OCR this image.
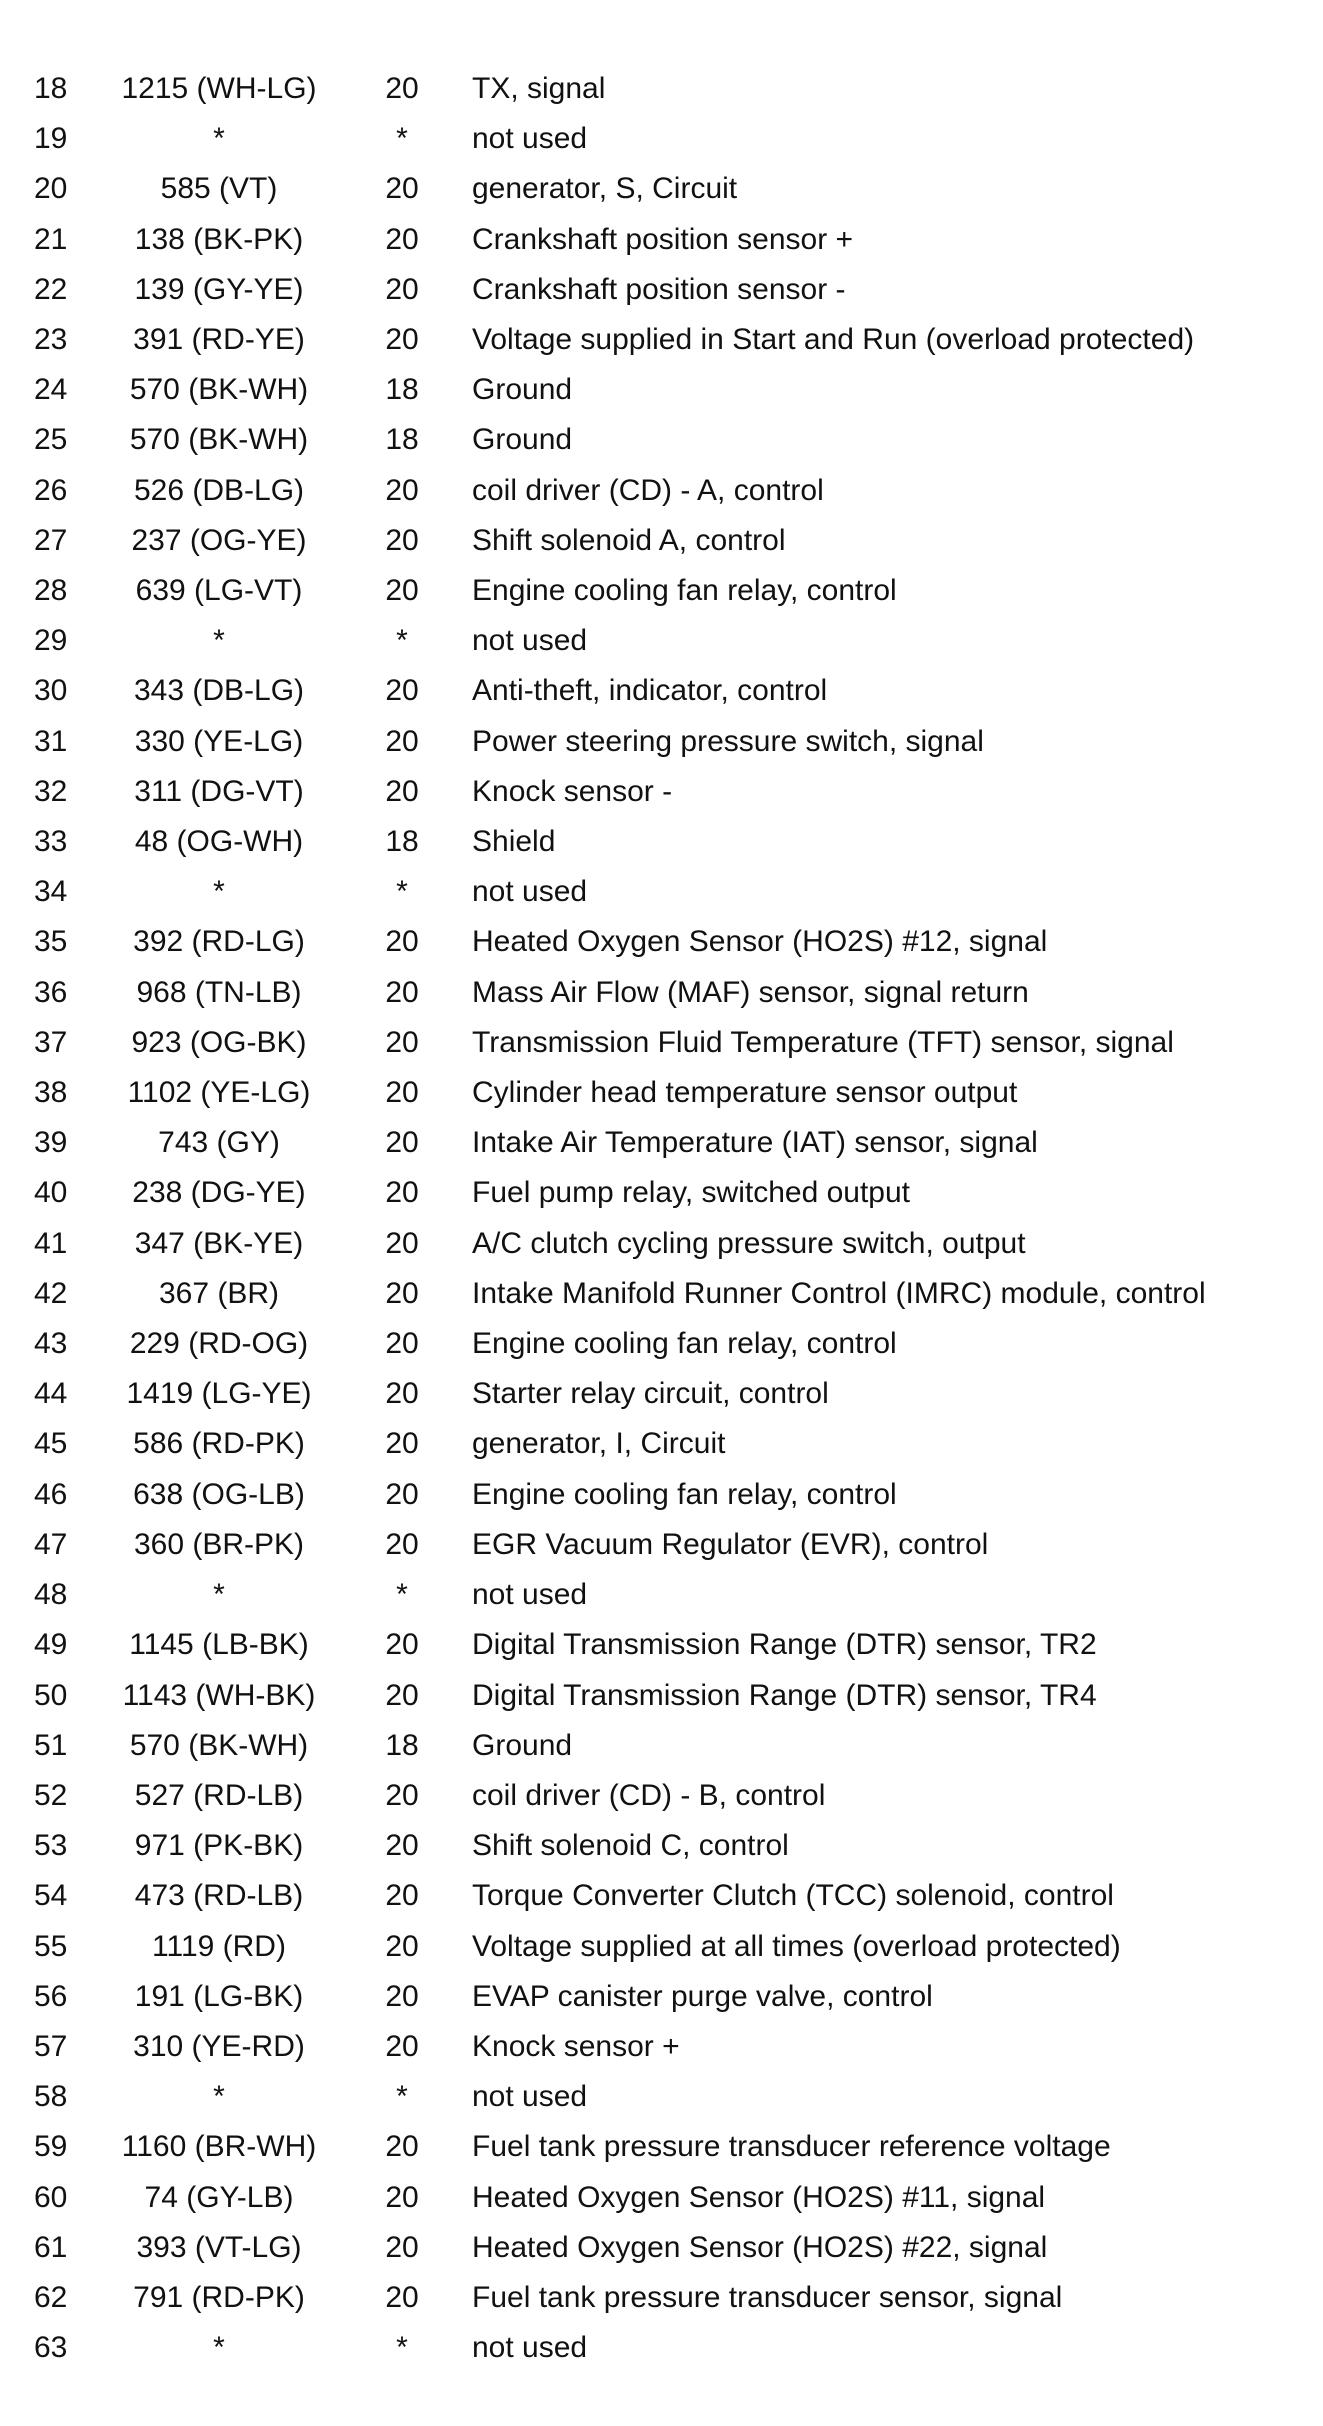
18	1215 (WH-LG)	20	TX, signal
19	*	*	not used
20	585 (VT)	20	generator, S, Circuit
21	138 (BK-PK)	20	Crankshaft position sensor +
22	139 (GY-YE)	20	Crankshaft position sensor -
23	391 (RD-YE)	20	Voltage supplied in Start and Run (overload protected)
24	570 (BK-WH)	18	Ground
25	570 (BK-WH)	18	Ground
26	526 (DB-LG)	20	coil driver (CD) - A, control
27	237 (OG-YE)	20	Shift solenoid A, control
28	639 (LG-VT)	20	Engine cooling fan relay, control
29	*	*	not used
30	343 (DB-LG)	20	Anti-theft, indicator, control
31	330 (YE-LG)	20	Power steering pressure switch, signal
32	311 (DG-VT)	20	Knock sensor -
33	48 (OG-WH)	18	Shield
34	*	*	not used
35	392 (RD-LG)	20	Heated Oxygen Sensor (HO2S) #12, signal
36	968 (TN-LB)	20	Mass Air Flow (MAF) sensor, signal return
37	923 (OG-BK)	20	Transmission Fluid Temperature (TFT) sensor, signal
38	1102 (YE-LG)	20	Cylinder head temperature sensor output
39	743 (GY)	20	Intake Air Temperature (IAT) sensor, signal
40	238 (DG-YE)	20	Fuel pump relay, switched output
41	347 (BK-YE)	20	A/C clutch cycling pressure switch, output
42	367 (BR)	20	Intake Manifold Runner Control (IMRC) module, control
43	229 (RD-OG)	20	Engine cooling fan relay, control
44	1419 (LG-YE)	20	Starter relay circuit, control
45	586 (RD-PK)	20	generator, I, Circuit
46	638 (OG-LB)	20	Engine cooling fan relay, control
47	360 (BR-PK)	20	EGR Vacuum Regulator (EVR), control
48	*	*	not used
49	1145 (LB-BK)	20	Digital Transmission Range (DTR) sensor, TR2
50	1143 (WH-BK)	20	Digital Transmission Range (DTR) sensor, TR4
51	570 (BK-WH)	18	Ground
52	527 (RD-LB)	20	coil driver (CD) - B, control
53	971 (PK-BK)	20	Shift solenoid C, control
54	473 (RD-LB)	20	Torque Converter Clutch (TCC) solenoid, control
55	1119 (RD)	20	Voltage supplied at all times (overload protected)
56	191 (LG-BK)	20	EVAP canister purge valve, control
57	310 (YE-RD)	20	Knock sensor +
58	*	*	not used
59	1160 (BR-WH)	20	Fuel tank pressure transducer reference voltage
60	74 (GY-LB)	20	Heated Oxygen Sensor (HO2S) #11, signal
61	393 (VT-LG)	20	Heated Oxygen Sensor (HO2S) #22, signal
62	791 (RD-PK)	20	Fuel tank pressure transducer sensor, signal
63	*	*	not used
